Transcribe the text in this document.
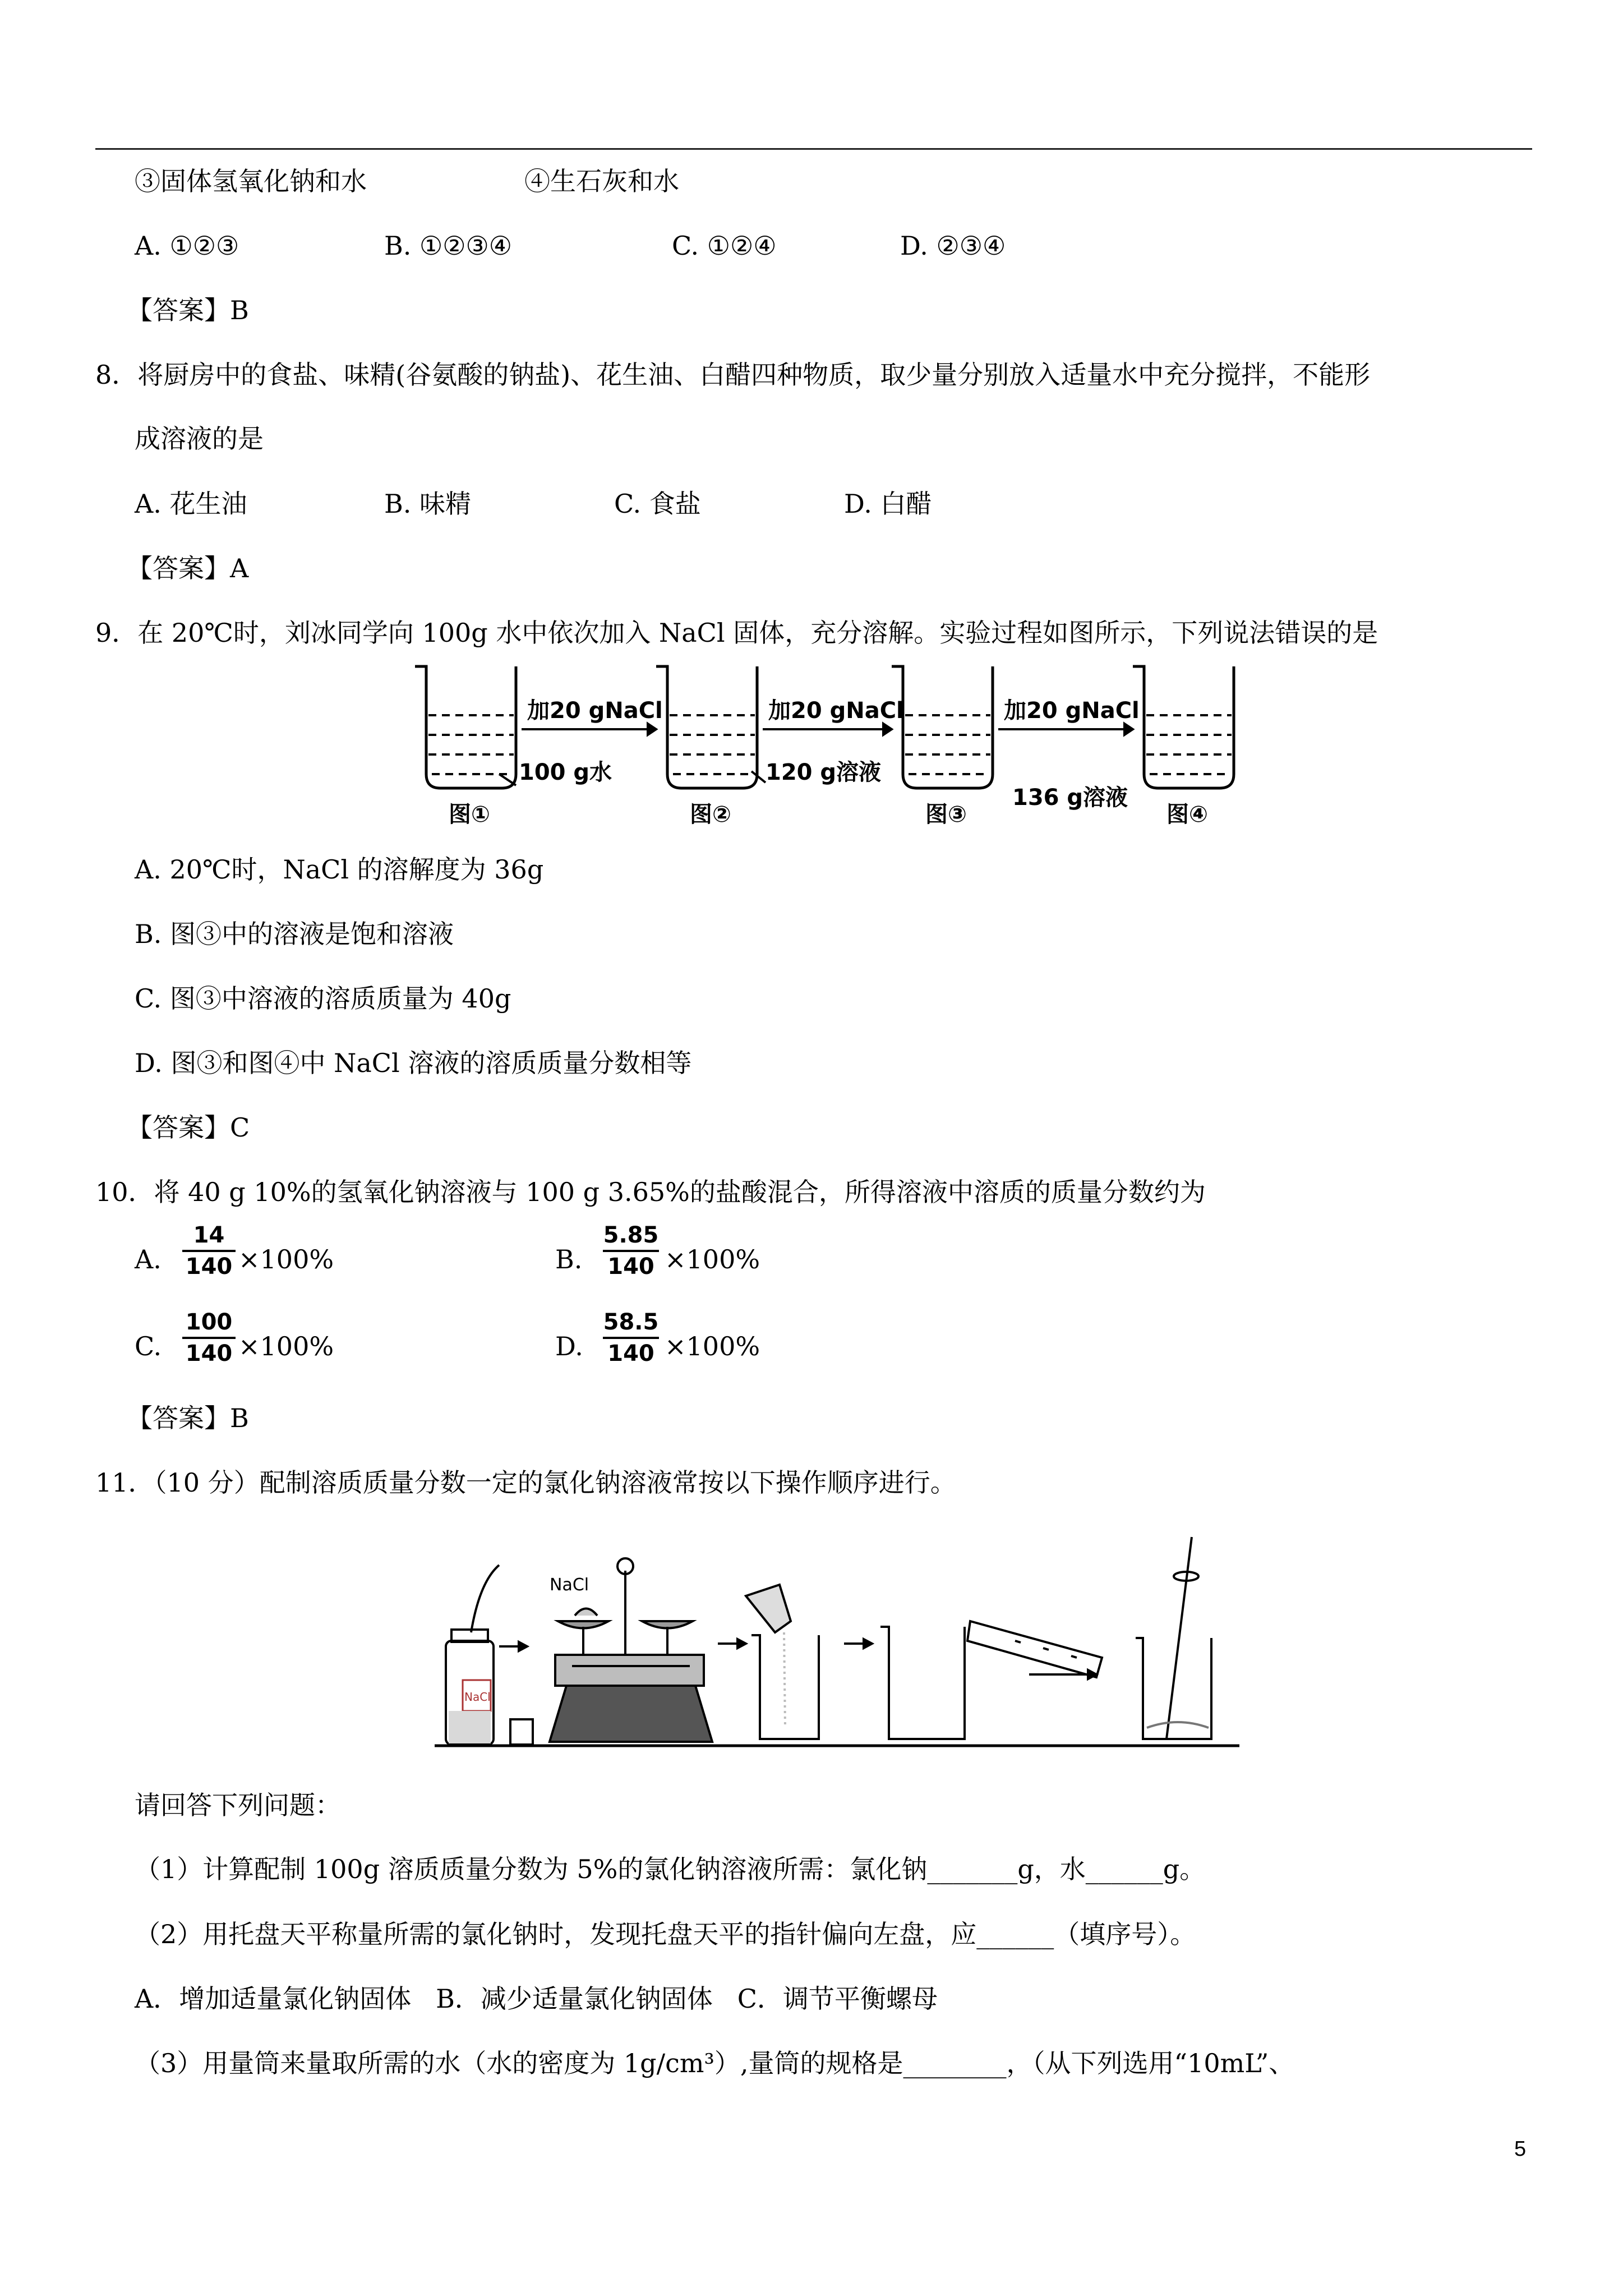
③固体氢氧化钠和水	④生石灰和水
A. ①②③	B. ①②③④	C. ①②④	D. ②③④
【答案】B
8．将厨房中的食盐、味精(谷氨酸的钠盐)、花生油、白醋四种物质，取少量分别放入适量水中充分搅拌，不能形
成溶液的是
A. 花生油	B. 味精	C. 食盐	D. 白醋
【答案】A
9．在 20℃时，刘冰同学向 100g 水中依次加入 NaCl 固体，充分溶解。实验过程如图所示，下列说法错误的是
加20 gNaCl	加20 gNaCl	加20 gNaCl
100 g水	120 g溶液
136 g溶液
图①	图②	图③	图④
A. 20℃时，NaCl 的溶解度为 36g
B. 图③中的溶液是饱和溶液
C. 图③中溶液的溶质质量为 40g
D. 图③和图④中 NaCl 溶液的溶质质量分数相等
【答案】C
10．将 40 g 10%的氢氧化钠溶液与 100 g 3.65%的盐酸混合，所得溶液中溶质的质量分数约为
A.
14
140 ×100%	B.
5.85
140 ×100%
C.
100
140 ×100%	D.
58.5
140 ×100%
【答案】B
11．（10 分）配制溶质质量分数一定的氯化钠溶液常按以下操作顺序进行。
NaCl
NaCl
请回答下列问题：
（1）计算配制 100g 溶质质量分数为 5%的氯化钠溶液所需：氯化钠_______g，水______g。
（2）用托盘天平称量所需的氯化钠时，发现托盘天平的指针偏向左盘，应______（填序号）。
A．增加适量氯化钠固体   B．减少适量氯化钠固体   C．调节平衡螺母
（3）用量筒来量取所需的水（水的密度为 1g/cm³）,量筒的规格是________，（从下列选用“10mL”、
5
